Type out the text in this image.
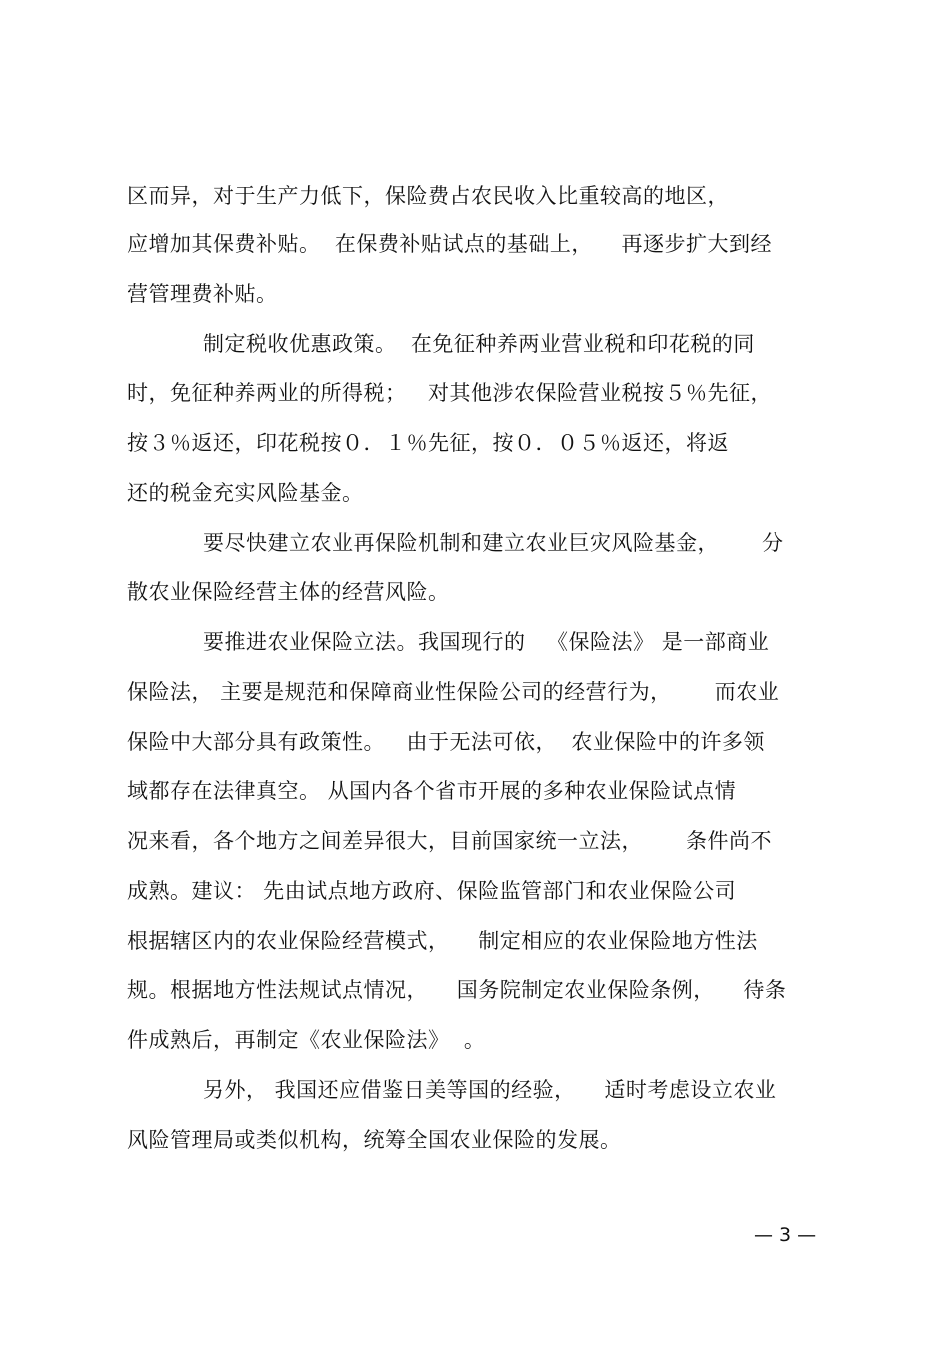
区而异，对于生产力低下，保险费占农民收入比重较高的地区，
应增加其保费补贴。  在保费补贴试点的基础上，    再逐步扩大到经
营管理费补贴。
制定税收优惠政策。  在免征种养两业营业税和印花税的同
时，免征种养两业的所得税；   对其他涉农保险营业税按５％先征，
按３％返还，印花税按０．１％先征，按０．０５％返还，将返
还的税金充实风险基金。
要尽快建立农业再保险机制和建立农业巨灾风险基金，      分
散农业保险经营主体的经营风险。
要推进农业保险立法。我国现行的   《保险法》 是一部商业
保险法， 主要是规范和保障商业性保险公司的经营行为，      而农业
保险中大部分具有政策性。   由于无法可依，  农业保险中的许多领
域都存在法律真空。 从国内各个省市开展的多种农业保险试点情
况来看，各个地方之间差异很大，目前国家统一立法，      条件尚不
成熟。建议： 先由试点地方政府、保险监管部门和农业保险公司
根据辖区内的农业保险经营模式，    制定相应的农业保险地方性法
规。根据地方性法规试点情况，    国务院制定农业保险条例，    待条
件成熟后，再制定《农业保险法》  。
另外， 我国还应借鉴日美等国的经验，    适时考虑设立农业
风险管理局或类似机构，统筹全国农业保险的发展。
— 3 —
